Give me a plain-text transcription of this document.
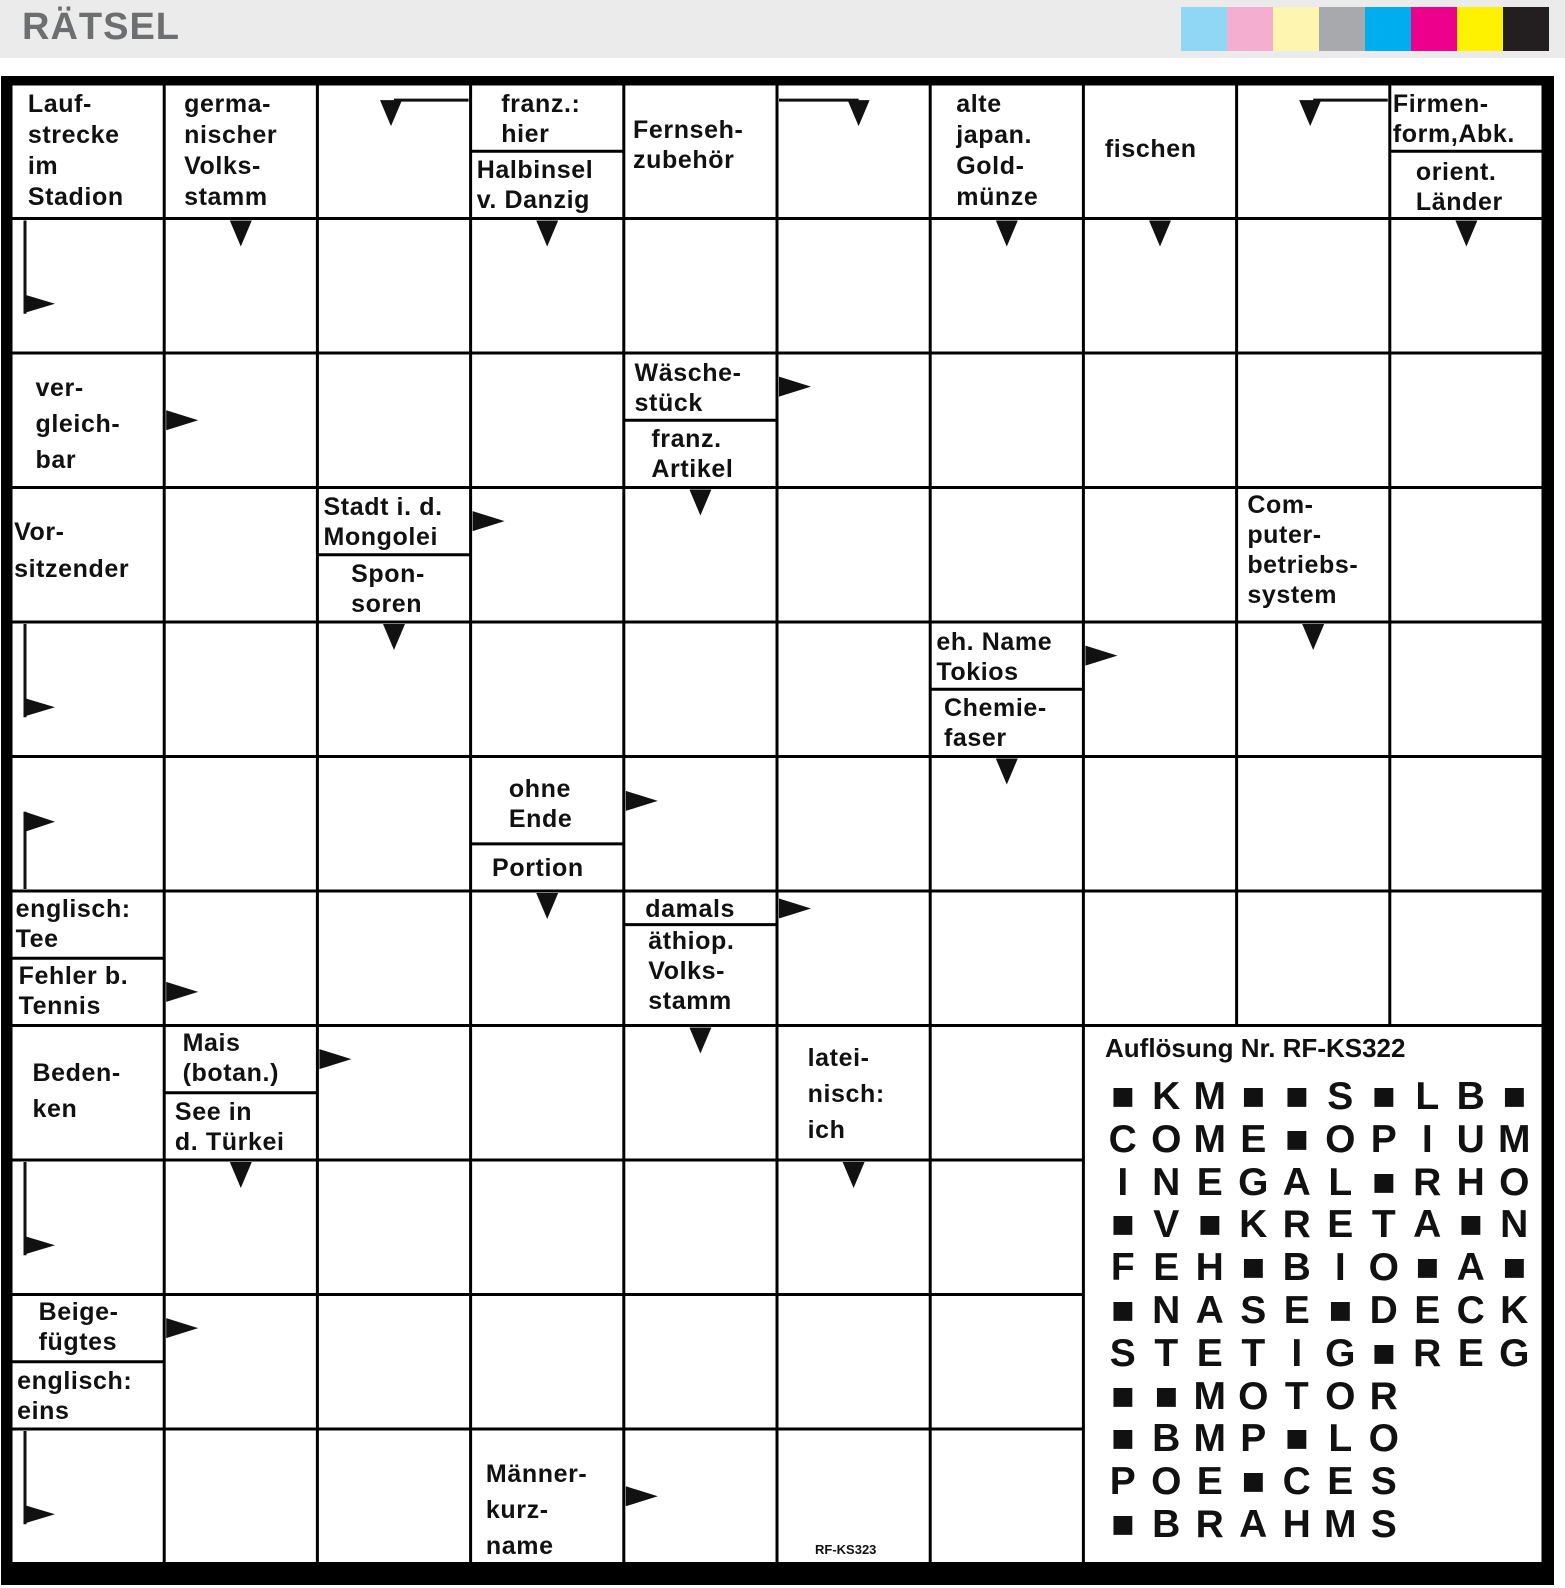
RÄTSEL
Lauf-
strecke
im
Stadion
germa-
nischer
Volks-
stamm
franz.:
hier
Halbinsel
v. Danzig
Fernseh-
zubehör
alte
japan.
Gold-
münze
fischen
Firmen-
form,Abk.
orient.
Länder
ver-
gleich-
bar
Wäsche-
stück
franz.
Artikel
Vor-
sitzender
Stadt i. d.
Mongolei
Spon-
soren
Com-
puter-
betriebs-
system
eh. Name
Tokios
Chemie-
faser
ohne
Ende
Portion
englisch:
Tee
Fehler b.
Tennis
damals
äthiop.
Volks-
stamm
Beden-
ken
Mais
(botan.)
See in
d. Türkei
latei-
nisch:
ich
Beige-
fügtes
englisch:
eins
Männer-
kurz-
name
Auflösung Nr. RF-KS322
■ K M ■ ■ S ■ L B ■
C O M E ■ O P I U M
I N E G A L ■ R H O
■ V ■ K R E T A ■ N
F E H ■ B I O ■ A ■
■ N A S E ■ D E C K
S T E T I G ■ R E G
■ ■ M O T O R
■ B M P ■ L O
P O E ■ C E S
■ B R A H M S
RF-KS323
